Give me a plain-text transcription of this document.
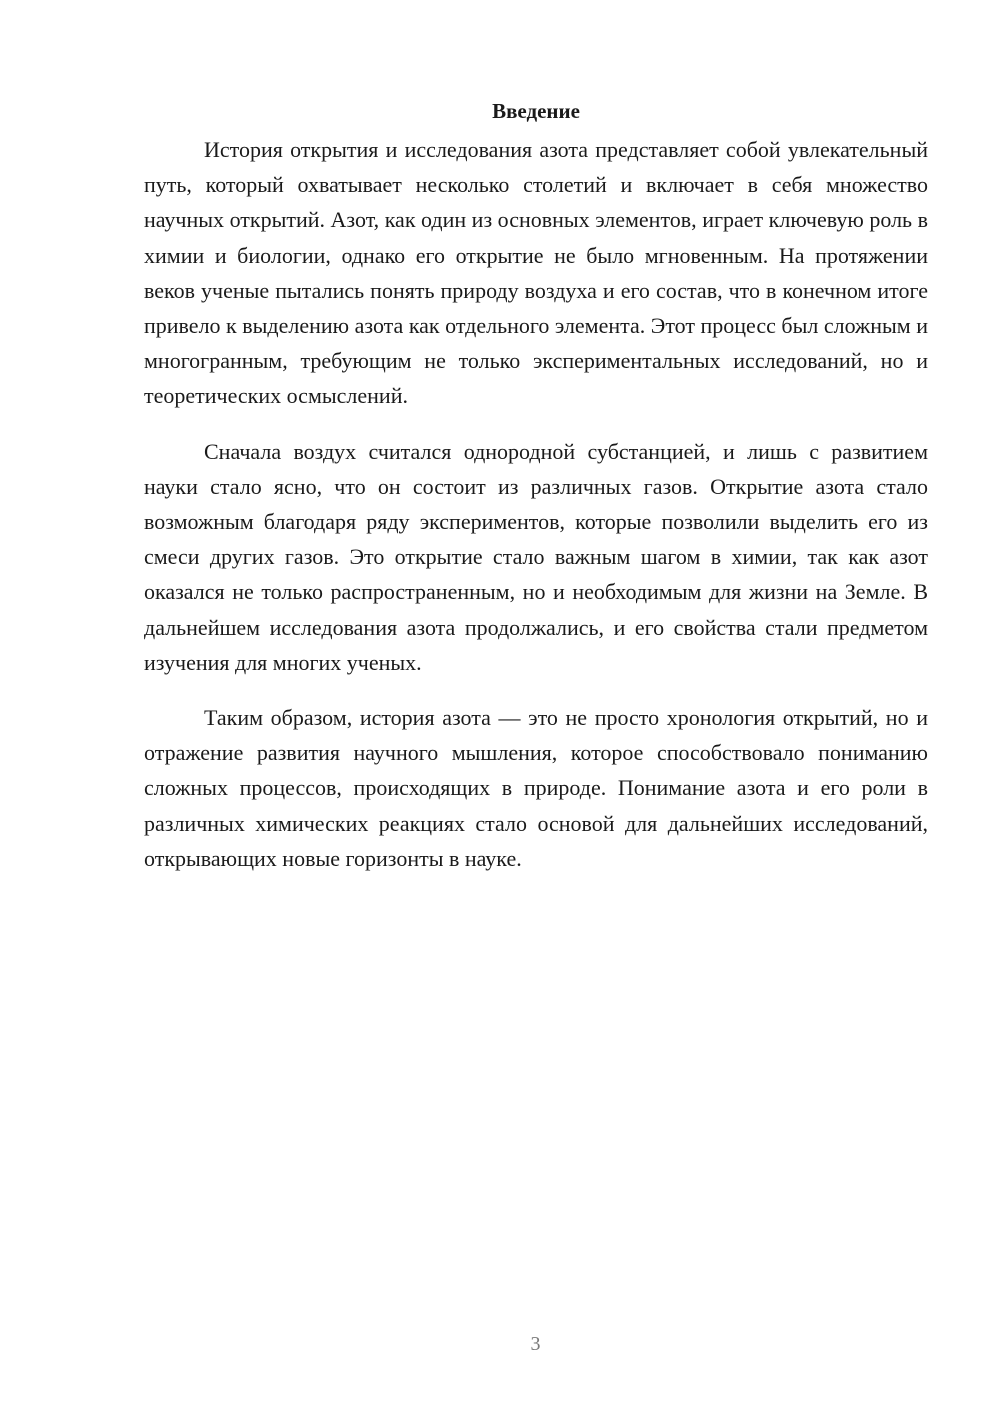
Введение

История открытия и исследования азота представляет собой увлекательный путь, который охватывает несколько столетий и включает в себя множество научных открытий. Азот, как один из основных элементов, играет ключевую роль в химии и биологии, однако его открытие не было мгновенным. На протяжении веков ученые пытались понять природу воздуха и его состав, что в конечном итоге привело к выделению азота как отдельного элемента. Этот процесс был сложным и многогранным, требующим не только экспериментальных исследований, но и теоретических осмыслений.

Сначала воздух считался однородной субстанцией, и лишь с развитием науки стало ясно, что он состоит из различных газов. Открытие азота стало возможным благодаря ряду экспериментов, которые позволили выделить его из смеси других газов. Это открытие стало важным шагом в химии, так как азот оказался не только распространенным, но и необходимым для жизни на Земле. В дальнейшем исследования азота продолжались, и его свойства стали предметом изучения для многих ученых.

Таким образом, история азота — это не просто хронология открытий, но и отражение развития научного мышления, которое способствовало пониманию сложных процессов, происходящих в природе. Понимание азота и его роли в различных химических реакциях стало основой для дальнейших исследований, открывающих новые горизонты в науке.

3
